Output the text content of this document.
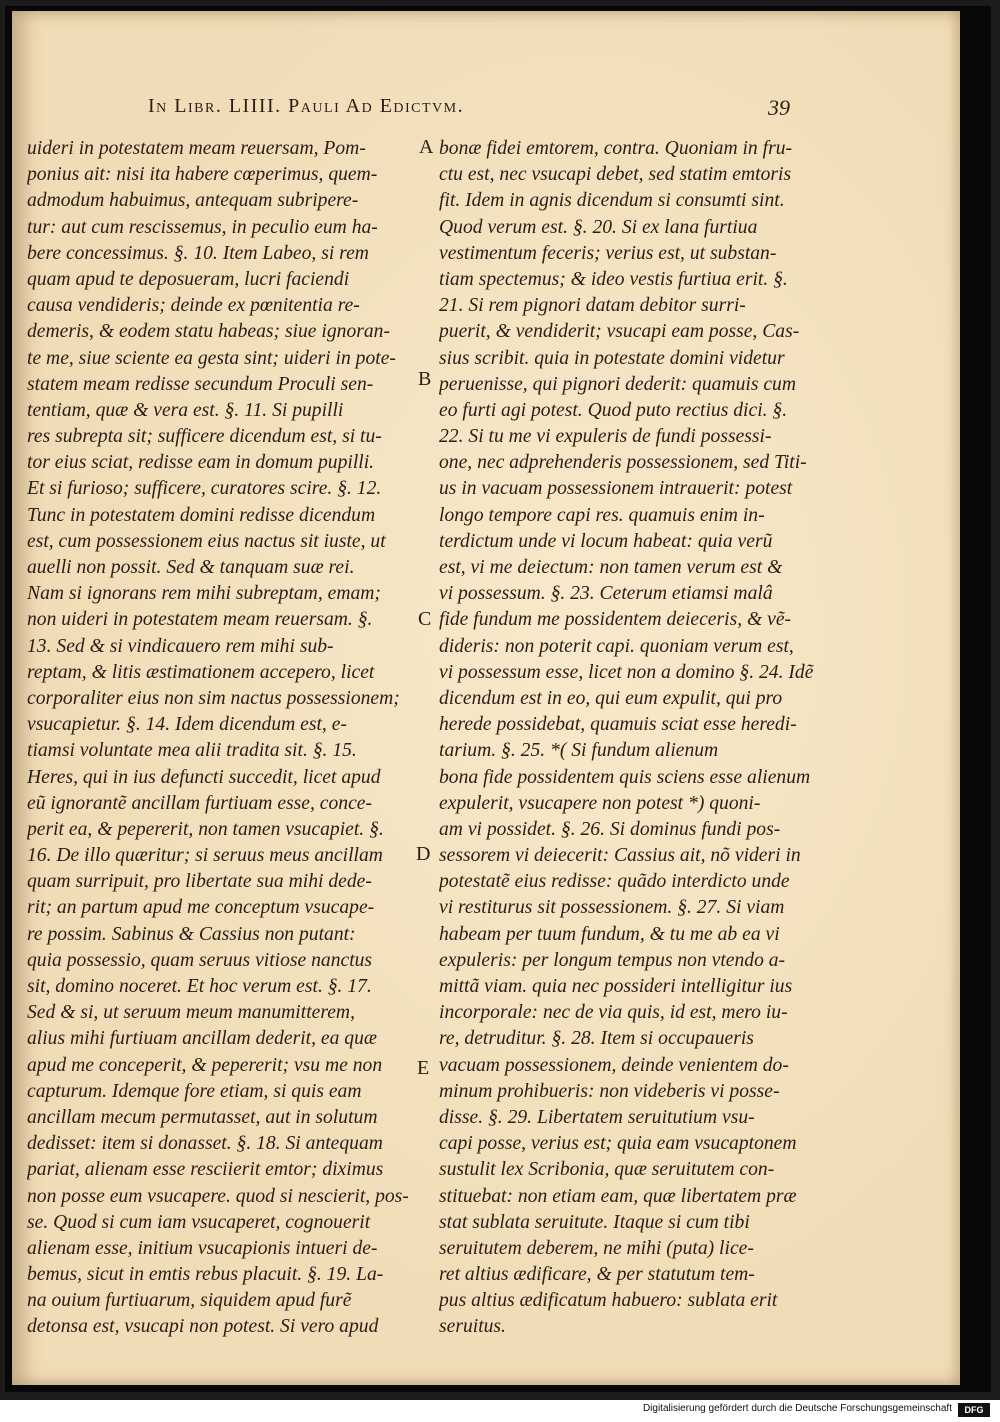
In Libr. LIIII. Pauli Ad Edictvm.	39
uideri in potestatem meam reuersam, Pom-
ponius ait: nisi ita habere cœperimus, quem-
admodum habuimus, antequam subripere-
tur: aut cum rescissemus, in peculio eum ha-
bere concessimus. §. 10. Item Labeo, si rem
quam apud te deposueram, lucri faciendi
causa vendideris; deinde ex pœnitentia re-
demeris, & eodem statu habeas; siue ignoran-
te me, siue sciente ea gesta sint; uideri in pote-
statem meam redisse secundum Proculi sen-
tentiam, quæ & vera est. §. 11. Si pupilli
res subrepta sit; sufficere dicendum est, si tu-
tor eius sciat, redisse eam in domum pupilli.
Et si furioso; sufficere, curatores scire. §. 12.
Tunc in potestatem domini redisse dicendum
est, cum possessionem eius nactus sit iuste, ut
auelli non possit. Sed & tanquam suæ rei.
Nam si ignorans rem mihi subreptam, emam;
non uideri in potestatem meam reuersam. §.
13. Sed & si vindicauero rem mihi sub-
reptam, & litis æstimationem accepero, licet
corporaliter eius non sim nactus possessionem;
vsucapietur. §. 14. Idem dicendum est, e-
tiamsi voluntate mea alii tradita sit. §. 15.
Heres, qui in ius defuncti succedit, licet apud
eũ ignorantẽ ancillam furtiuam esse, conce-
perit ea, & pepererit, non tamen vsucapiet. §.
16. De illo quæritur; si seruus meus ancillam
quam surripuit, pro libertate sua mihi dede-
rit; an partum apud me conceptum vsucape-
re possim. Sabinus & Cassius non putant:
quia possessio, quam seruus vitiose nanctus
sit, domino noceret. Et hoc verum est. §. 17.
Sed & si, ut seruum meum manumitterem,
alius mihi furtiuam ancillam dederit, ea quæ
apud me conceperit, & pepererit; vsu me non
capturum. Idemque fore etiam, si quis eam
ancillam mecum permutasset, aut in solutum
dedisset: item si donasset. §. 18. Si antequam
pariat, alienam esse resciierit emtor; diximus
non posse eum vsucapere. quod si nescierit, pos-
se. Quod si cum iam vsucaperet, cognouerit
alienam esse, initium vsucapionis intueri de-
bemus, sicut in emtis rebus placuit. §. 19. La-
na ouium furtiuarum, siquidem apud furẽ
detonsa est, vsucapi non potest. Si vero apud
bonæ fidei emtorem, contra. Quoniam in fru-
ctu est, nec vsucapi debet, sed statim emtoris
fit. Idem in agnis dicendum si consumti sint.
Quod verum est. §. 20. Si ex lana furtiua
vestimentum feceris; verius est, ut substan-
tiam spectemus; & ideo vestis furtiua erit. §.
21. Si rem pignori datam debitor surri-
puerit, & vendiderit; vsucapi eam posse, Cas-
sius scribit. quia in potestate domini videtur
peruenisse, qui pignori dederit: quamuis cum
eo furti agi potest. Quod puto rectius dici. §.
22. Si tu me vi expuleris de fundi possessi-
one, nec adprehenderis possessionem, sed Titi-
us in vacuam possessionem intrauerit: potest
longo tempore capi res. quamuis enim in-
terdictum unde vi locum habeat: quia verũ
est, vi me deiectum: non tamen verum est &
vi possessum. §. 23. Ceterum etiamsi malâ
fide fundum me possidentem deieceris, & vẽ-
dideris: non poterit capi. quoniam verum est,
vi possessum esse, licet non a domino §. 24. Idẽ
dicendum est in eo, qui eum expulit, qui pro
herede possidebat, quamuis sciat esse heredi-
tarium. §. 25. *( Si fundum alienum
bona fide possidentem quis sciens esse alienum
expulerit, vsucapere non potest *) quoni-
am vi possidet. §. 26. Si dominus fundi pos-
sessorem vi deiecerit: Cassius ait, nõ videri in
potestatẽ eius redisse: quãdo interdicto unde
vi restiturus sit possessionem. §. 27. Si viam
habeam per tuum fundum, & tu me ab ea vi
expuleris: per longum tempus non vtendo a-
mittã viam. quia nec possideri intelligitur ius
incorporale: nec de via quis, id est, mero iu-
re, detruditur. §. 28. Item si occupaueris
vacuam possessionem, deinde venientem do-
minum prohibueris: non videberis vi posse-
disse. §. 29. Libertatem seruitutium vsu-
capi posse, verius est; quia eam vsucaptonem
sustulit lex Scribonia, quæ seruitutem con-
stituebat: non etiam eam, quæ libertatem præ
stat sublata seruitute. Itaque si cum tibi
seruitutem deberem, ne mihi (puta) lice-
ret altius ædificare, & per statutum tem-
pus altius ædificatum habuero: sublata erit
seruitus.
A
B
C
D
E
Digitalisierung gefördert durch die Deutsche Forschungsgemeinschaft	DFG
